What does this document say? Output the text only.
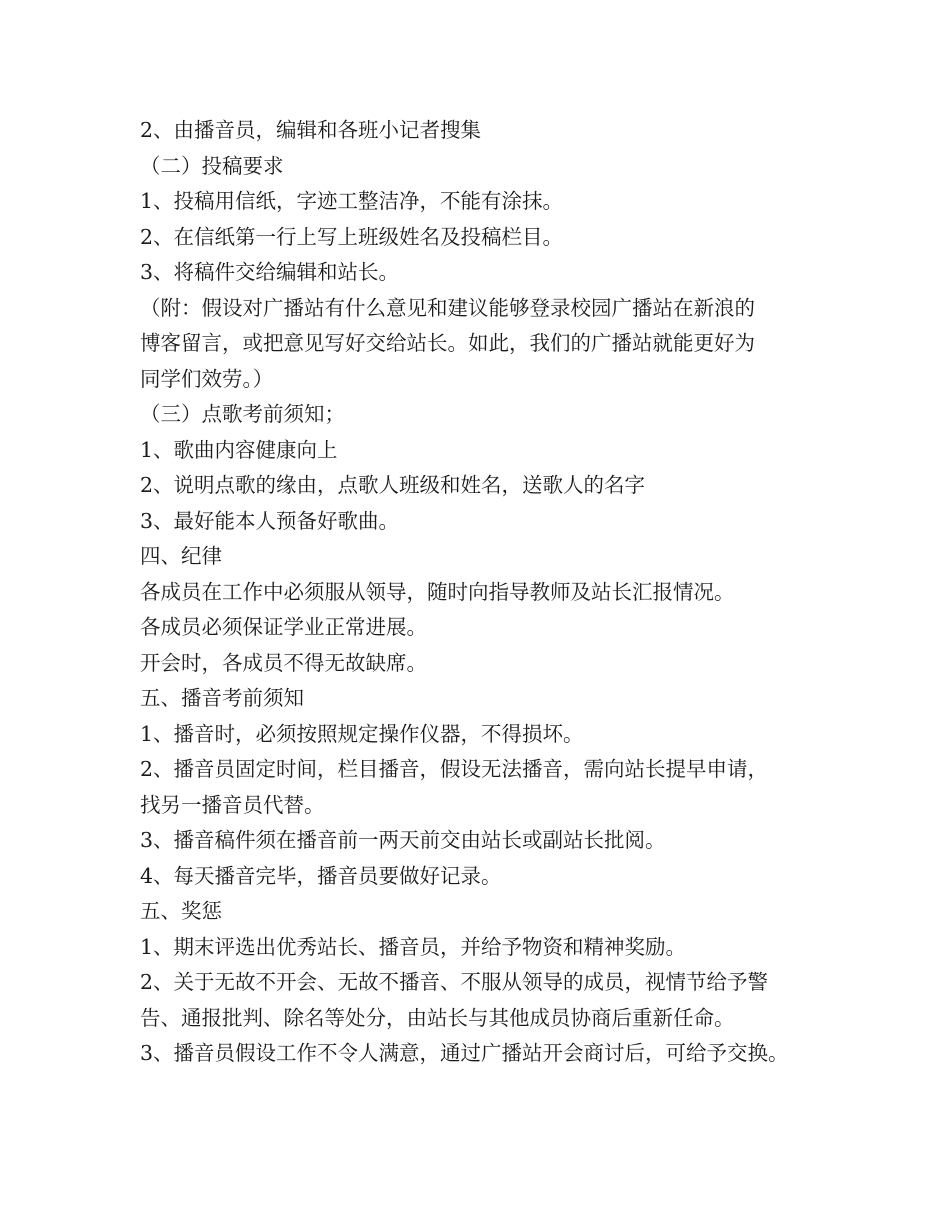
2、由播音员，编辑和各班小记者搜集
（二）投稿要求
1、投稿用信纸，字迹工整洁净，不能有涂抹。
2、在信纸第一行上写上班级姓名及投稿栏目。
3、将稿件交给编辑和站长。
（附：假设对广播站有什么意见和建议能够登录校园广播站在新浪的
博客留言，或把意见写好交给站长。如此，我们的广播站就能更好为
同学们效劳。）
（三）点歌考前须知；
1、歌曲内容健康向上
2、说明点歌的缘由，点歌人班级和姓名，送歌人的名字
3、最好能本人预备好歌曲。
四、纪律
各成员在工作中必须服从领导，随时向指导教师及站长汇报情况。
各成员必须保证学业正常进展。
开会时，各成员不得无故缺席。
五、播音考前须知
1、播音时，必须按照规定操作仪器，不得损坏。
2、播音员固定时间，栏目播音，假设无法播音，需向站长提早申请，
找另一播音员代替。
3、播音稿件须在播音前一两天前交由站长或副站长批阅。
4、每天播音完毕，播音员要做好记录。
五、奖惩
1、期末评选出优秀站长、播音员，并给予物资和精神奖励。
2、关于无故不开会、无故不播音、不服从领导的成员，视情节给予警
告、通报批判、除名等处分，由站长与其他成员协商后重新任命。
3、播音员假设工作不令人满意，通过广播站开会商讨后，可给予交换。
